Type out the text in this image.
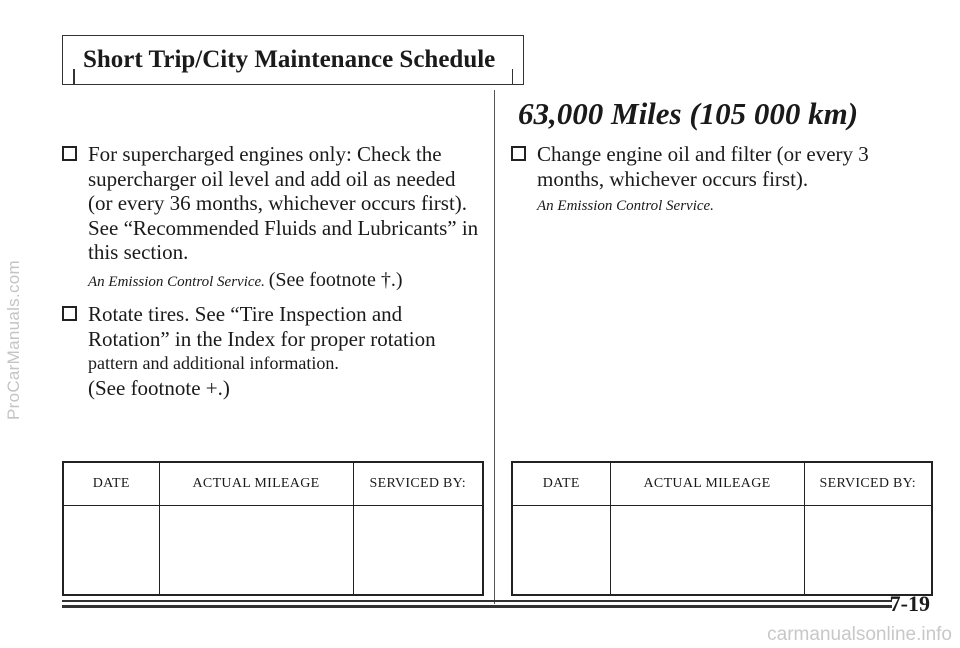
ProCarManuals.com
Short Trip/City Maintenance Schedule
63,000 Miles (105 000 km)
For supercharged engines only: Check the supercharger oil level and add oil as needed (or every 36 months, whichever occurs first). See “Recommended Fluids and Lubricants” in this section.
An Emission Control Service. (See footnote †.)
Rotate tires. See “Tire Inspection and Rotation” in the Index for proper rotation
pattern and additional information.
(See footnote +.)
Change engine oil and filter (or every 3 months, whichever occurs first).
An Emission Control Service.
DATE	ACTUAL MILEAGE	SERVICED BY:
			DATE	ACTUAL MILEAGE	SERVICED BY:

7-19
carmanualsonline.info
